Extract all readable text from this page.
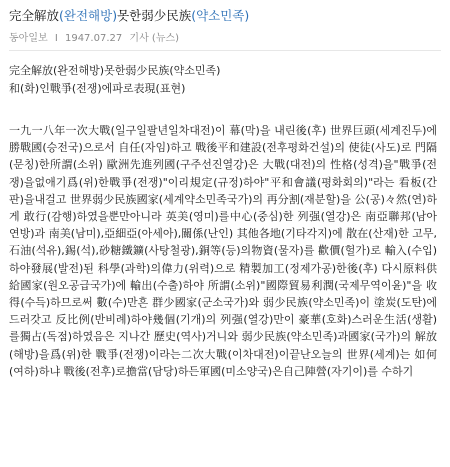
完全解放(완전해방)못한弱少民族(약소민족)
동아일보 I 1947.07.27 기사 (뉴스)
完全解放(완전해방)못한弱少民族(약소민족)
和(화)인戰爭(전쟁)에파로表現(표현)
一九一八年一次大戰(일구일팔년일차대전)이 幕(막)을 내린後(후) 世界巨頭(세계진두)에 勝戰國(승전국)으로서 自任(자임)하고 戰後平和建設(전후평화건설)의 使徒(사도)로 門隔(문칭)한所謂(소위) 歐洲先進列國(구주선진열강)은 大戰(대전)의 性格(성격)을"戰爭(전쟁)을없애기爲(위)한戰爭(전쟁)"이리規定(규정)하야"平和會議(평화회의)"라는 看板(간판)을내걸고 世界弱少民族國家(세계약소민족국가)의 再分割(재분할)을 公(공)々然(연)하게 敢行(감행)하였을뿐만아니라 英美(영미)를中心(중심)한 列强(열강)은 南亞聯邦(남아연방)과 南美(남미),亞細亞(아세아),關係(난인) 其他各地(기타각지)에 散在(산재)한 고무,石油(석유),錫(석),砂糖鐵鑛(사탕철광),銅等(등)의物資(물자)를 歡價(헐가)로 輸入(수입)하야發展(발전)된 科學(과학)의偉力(위력)으로 精製加工(정제가공)한後(후) 다시原料供給國家(원오공급국가)에 輸出(수출)하야 所謂(소위)"國際貿易利潤(국제무역이윤)"을 收得(수득)하므로써 數(수)만흔 群少國家(군소국가)와 弱少民族(약소민족)이 塗炭(도탄)에드러갓고 反比例(반비례)하야幾個(기개)의 列强(열강)만이 豪華(호화)스러운生活(생활)를獨占(독점)하였음은 지나간 歷史(역사)거니와 弱少民族(약소민족)과國家(국가)의 解放(해방)을爲(위)한 戰爭(전쟁)이라는二次大戰(이차대전)이끝난오늘의 世界(세계)는 如何(여하)하냐 戰後(전후)로擔當(담당)하든軍國(미소양국)은自己陣營(자기이)를 수하기
